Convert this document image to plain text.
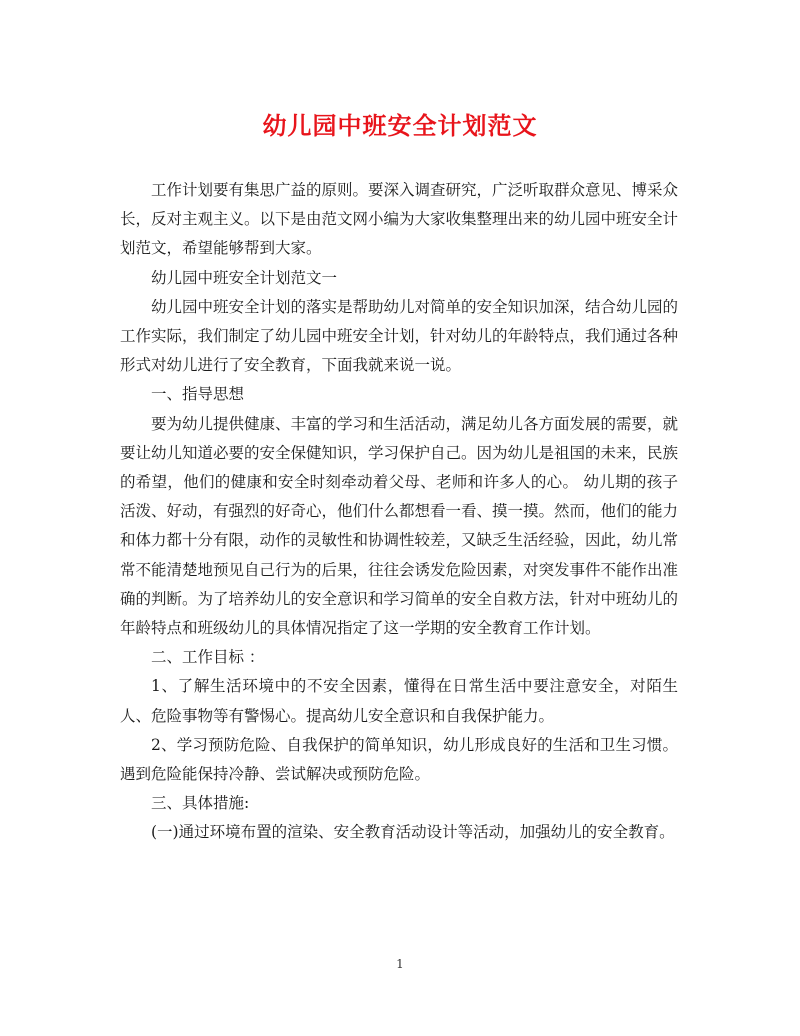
幼儿园中班安全计划范文

工作计划要有集思广益的原则。要深入调查研究，广泛听取群众意见、博采众长，反对主观主义。以下是由范文网小编为大家收集整理出来的幼儿园中班安全计划范文，希望能够帮到大家。

幼儿园中班安全计划范文一

幼儿园中班安全计划的落实是帮助幼儿对简单的安全知识加深，结合幼儿园的工作实际，我们制定了幼儿园中班安全计划，针对幼儿的年龄特点，我们通过各种形式对幼儿进行了安全教育，下面我就来说一说。

一、指导思想

要为幼儿提供健康、丰富的学习和生活活动，满足幼儿各方面发展的需要，就要让幼儿知道必要的安全保健知识，学习保护自己。因为幼儿是祖国的未来，民族的希望，他们的健康和安全时刻牵动着父母、老师和许多人的心。 幼儿期的孩子活泼、好动，有强烈的好奇心，他们什么都想看一看、摸一摸。然而，他们的能力和体力都十分有限，动作的灵敏性和协调性较差，又缺乏生活经验，因此，幼儿常常不能清楚地预见自己行为的后果，往往会诱发危险因素，对突发事件不能作出准确的判断。为了培养幼儿的安全意识和学习简单的安全自救方法，针对中班幼儿的年龄特点和班级幼儿的具体情况指定了这一学期的安全教育工作计划。

二、工作目标 ：

1、了解生活环境中的不安全因素，懂得在日常生活中要注意安全，对陌生人、危险事物等有警惕心。提高幼儿安全意识和自我保护能力。

2、学习预防危险、自我保护的简单知识，幼儿形成良好的生活和卫生习惯。遇到危险能保持冷静、尝试解决或预防危险。

三、具体措施:

(一)通过环境布置的渲染、安全教育活动设计等活动，加强幼儿的安全教育。

1
